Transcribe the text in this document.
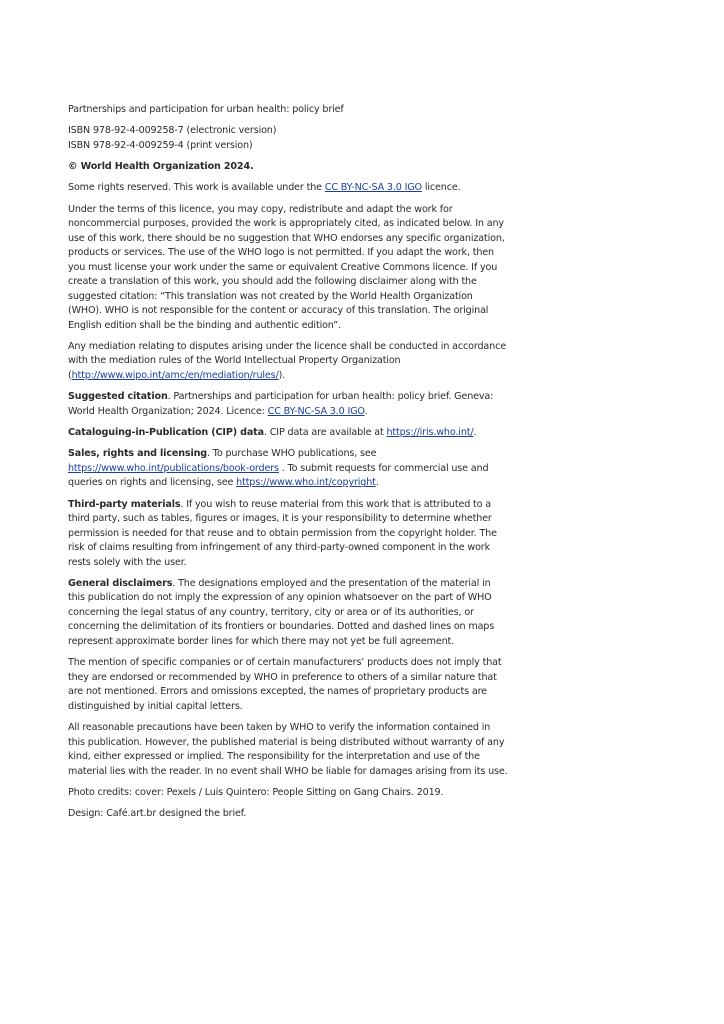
Partnerships and participation for urban health: policy brief

ISBN 978-92-4-009258-7 (electronic version)
ISBN 978-92-4-009259-4 (print version)

© World Health Organization 2024.

Some rights reserved. This work is available under the CC BY-NC-SA 3.0 IGO licence.

Under the terms of this licence, you may copy, redistribute and adapt the work for noncommercial purposes, provided the work is appropriately cited, as indicated below. In any use of this work, there should be no suggestion that WHO endorses any specific organization, products or services. The use of the WHO logo is not permitted. If you adapt the work, then you must license your work under the same or equivalent Creative Commons licence. If you create a translation of this work, you should add the following disclaimer along with the suggested citation: “This translation was not created by the World Health Organization (WHO). WHO is not responsible for the content or accuracy of this translation. The original English edition shall be the binding and authentic edition”.

Any mediation relating to disputes arising under the licence shall be conducted in accordance with the mediation rules of the World Intellectual Property Organization (http://www.wipo.int/amc/en/mediation/rules/).

Suggested citation. Partnerships and participation for urban health: policy brief. Geneva: World Health Organization; 2024. Licence: CC BY-NC-SA 3.0 IGO.

Cataloguing-in-Publication (CIP) data. CIP data are available at https://iris.who.int/.

Sales, rights and licensing. To purchase WHO publications, see https://www.who.int/publications/book-orders . To submit requests for commercial use and queries on rights and licensing, see https://www.who.int/copyright.

Third-party materials. If you wish to reuse material from this work that is attributed to a third party, such as tables, figures or images, it is your responsibility to determine whether permission is needed for that reuse and to obtain permission from the copyright holder. The risk of claims resulting from infringement of any third-party-owned component in the work rests solely with the user.

General disclaimers. The designations employed and the presentation of the material in this publication do not imply the expression of any opinion whatsoever on the part of WHO concerning the legal status of any country, territory, city or area or of its authorities, or concerning the delimitation of its frontiers or boundaries. Dotted and dashed lines on maps represent approximate border lines for which there may not yet be full agreement.

The mention of specific companies or of certain manufacturers’ products does not imply that they are endorsed or recommended by WHO in preference to others of a similar nature that are not mentioned. Errors and omissions excepted, the names of proprietary products are distinguished by initial capital letters.

All reasonable precautions have been taken by WHO to verify the information contained in this publication. However, the published material is being distributed without warranty of any kind, either expressed or implied. The responsibility for the interpretation and use of the material lies with the reader. In no event shall WHO be liable for damages arising from its use.

Photo credits: cover: Pexels / Luis Quintero: People Sitting on Gang Chairs. 2019.

Design: Café.art.br designed the brief.
